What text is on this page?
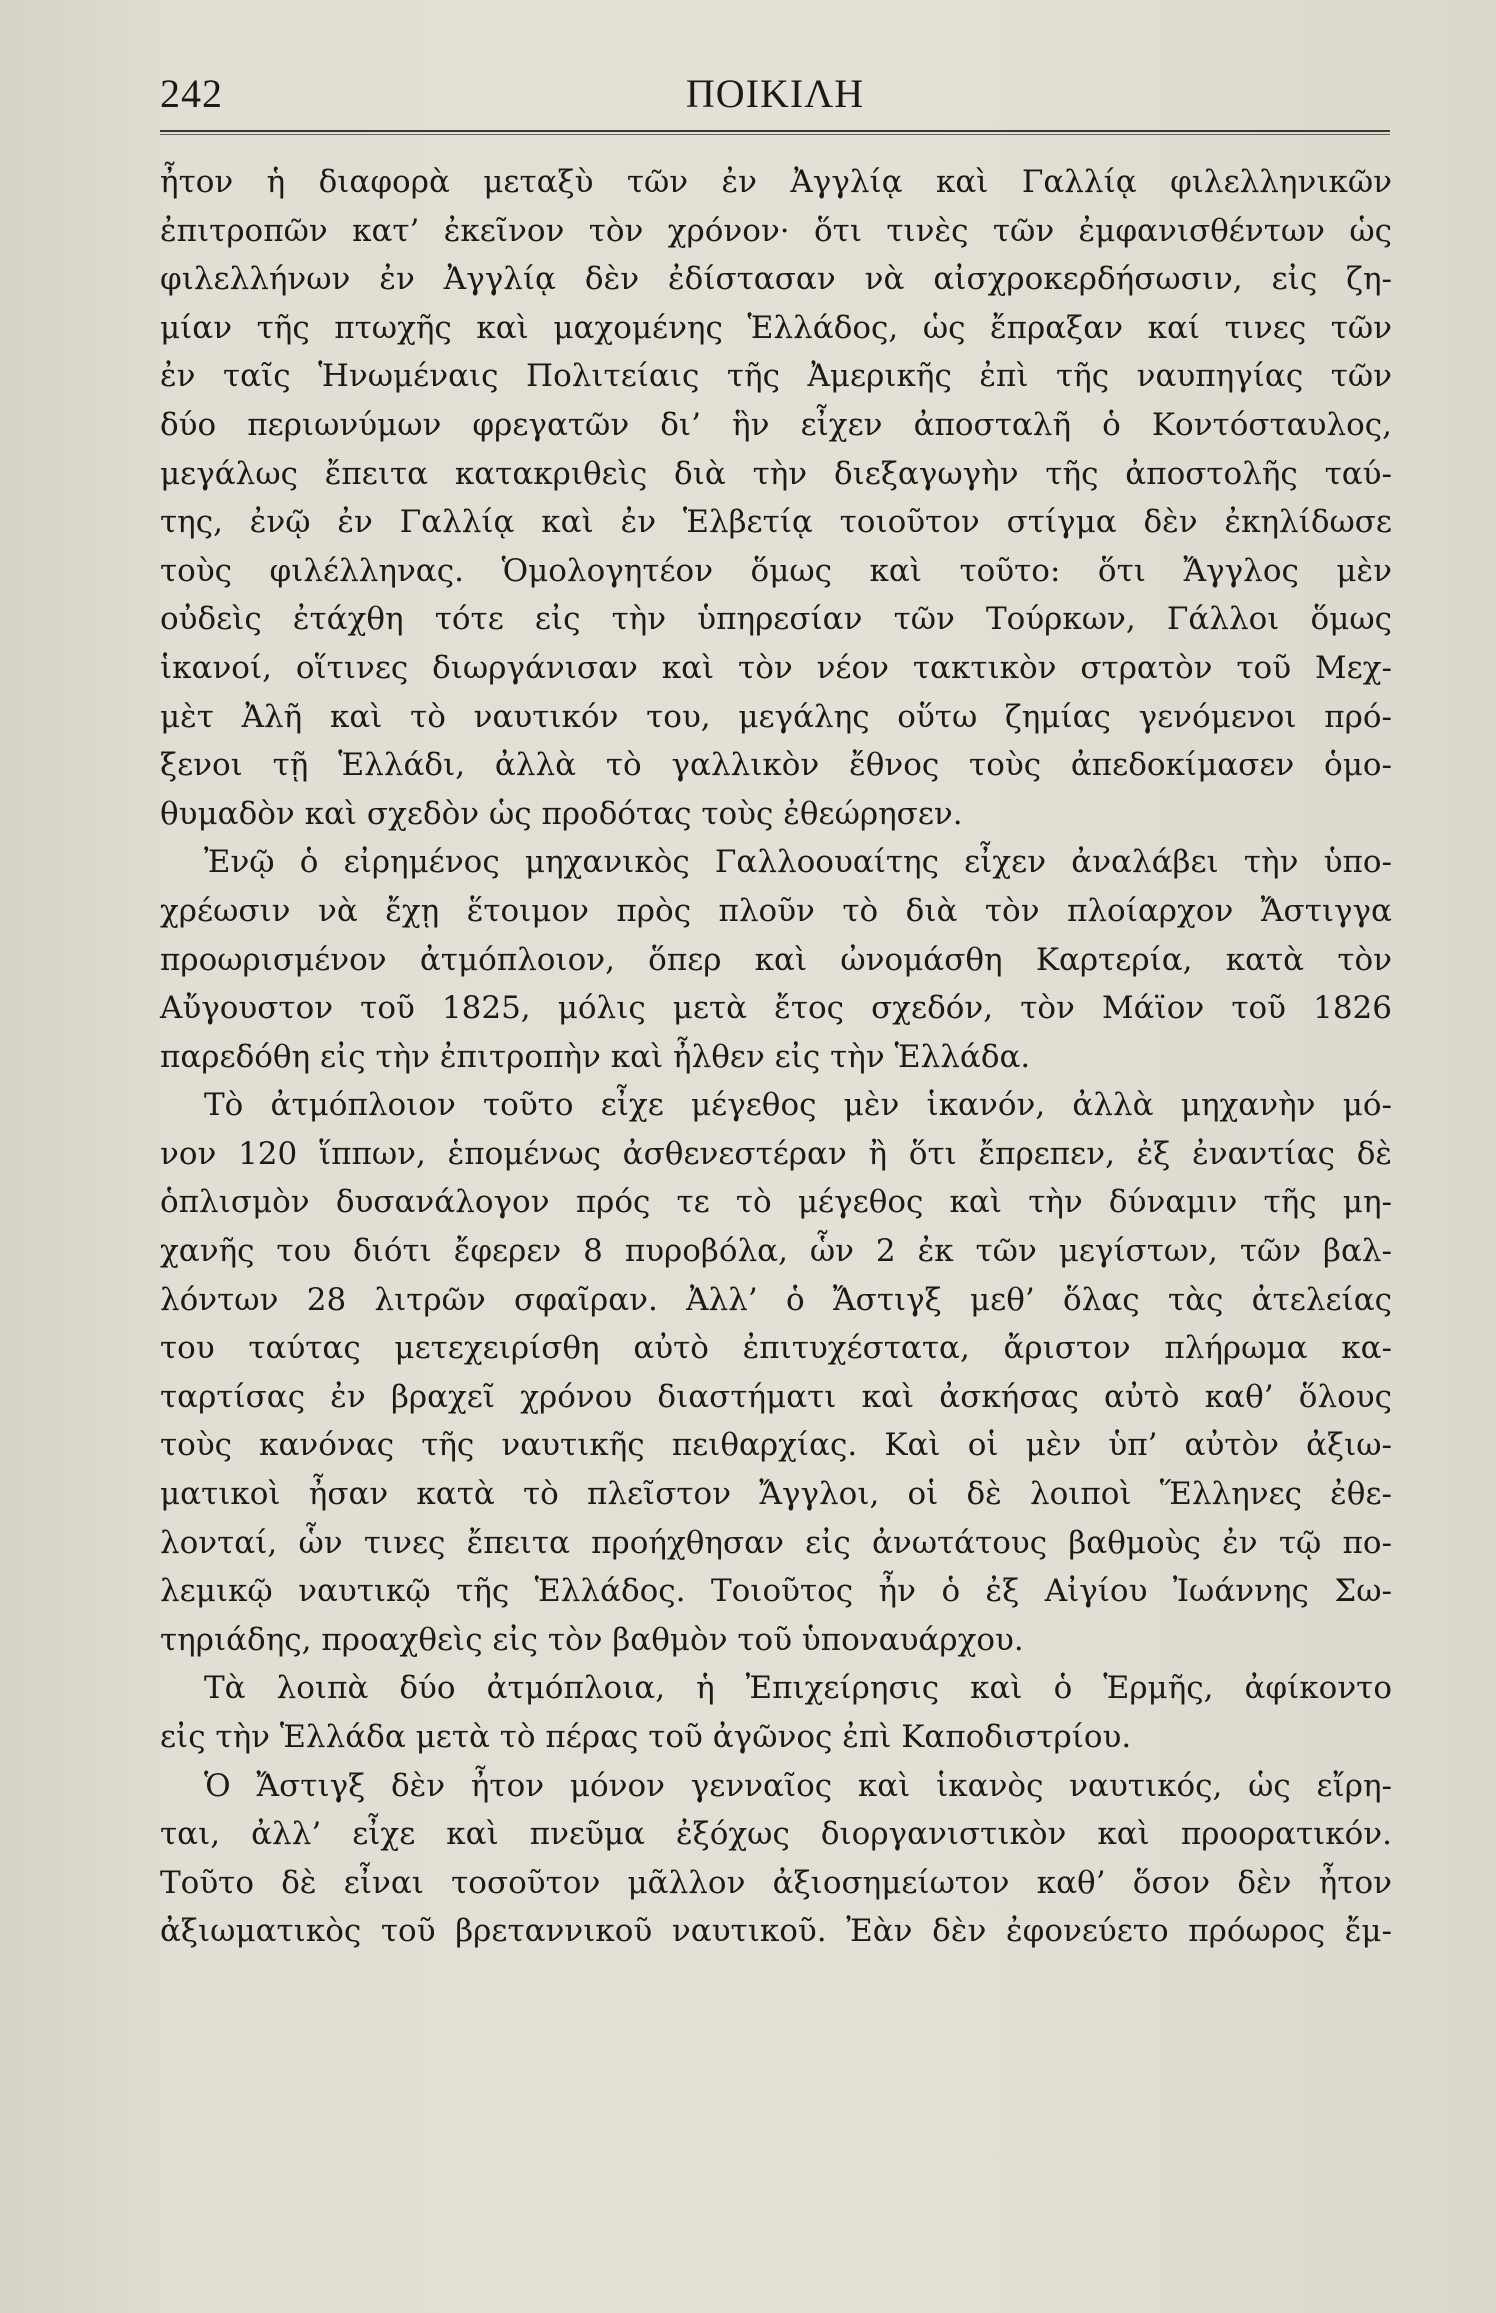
242	ΠΟΙΚΙΛΗ
ἦτον ἡ διαφορὰ μεταξὺ τῶν ἐν Ἀγγλίᾳ καὶ Γαλλίᾳ φιλελληνικῶν
ἐπιτροπῶν κατ’ ἐκεῖνον τὸν χρόνον· ὅτι τινὲς τῶν ἐμφανισθέντων ὡς
φιλελλήνων ἐν Ἀγγλίᾳ δὲν ἐδίστασαν νὰ αἰσχροκερδήσωσιν, εἰς ζη-
μίαν τῆς πτωχῆς καὶ μαχομένης Ἑλλάδος, ὡς ἔπραξαν καί τινες τῶν
ἐν ταῖς Ἡνωμέναις Πολιτείαις τῆς Ἀμερικῆς ἐπὶ τῆς ναυπηγίας τῶν
δύο περιωνύμων φρεγατῶν δι’ ἣν εἶχεν ἀποσταλῆ ὁ Κοντόσταυλος,
μεγάλως ἔπειτα κατακριθεὶς διὰ τὴν διεξαγωγὴν τῆς ἀποστολῆς ταύ-
της, ἐνῷ ἐν Γαλλίᾳ καὶ ἐν Ἑλβετίᾳ τοιοῦτον στίγμα δὲν ἐκηλίδωσε
τοὺς φιλέλληνας. Ὁμολογητέον ὅμως καὶ τοῦτο: ὅτι Ἄγγλος μὲν
οὐδεὶς ἐτάχθη τότε εἰς τὴν ὑπηρεσίαν τῶν Τούρκων, Γάλλοι ὅμως
ἱκανοί, οἵτινες διωργάνισαν καὶ τὸν νέον τακτικὸν στρατὸν τοῦ Μεχ-
μὲτ Ἀλῆ καὶ τὸ ναυτικόν του, μεγάλης οὕτω ζημίας γενόμενοι πρό-
ξενοι τῇ Ἑλλάδι, ἀλλὰ τὸ γαλλικὸν ἔθνος τοὺς ἀπεδοκίμασεν ὁμο-
θυμαδὸν καὶ σχεδὸν ὡς προδότας τοὺς ἐθεώρησεν.
Ἐνῷ ὁ εἰρημένος μηχανικὸς Γαλλοουαίτης εἶχεν ἀναλάβει τὴν ὑπο-
χρέωσιν νὰ ἔχῃ ἕτοιμον πρὸς πλοῦν τὸ διὰ τὸν πλοίαρχον Ἄστιγγα
προωρισμένον ἀτμόπλοιον, ὅπερ καὶ ὠνομάσθη Καρτερία, κατὰ τὸν
Αὔγουστον τοῦ 1825, μόλις μετὰ ἔτος σχεδόν, τὸν Μάϊον τοῦ 1826
παρεδόθη εἰς τὴν ἐπιτροπὴν καὶ ἦλθεν εἰς τὴν Ἑλλάδα.
Τὸ ἀτμόπλοιον τοῦτο εἶχε μέγεθος μὲν ἱκανόν, ἀλλὰ μηχανὴν μό-
νον 120 ἵππων, ἑπομένως ἀσθενεστέραν ἢ ὅτι ἔπρεπεν, ἐξ ἐναντίας δὲ
ὁπλισμὸν δυσανάλογον πρός τε τὸ μέγεθος καὶ τὴν δύναμιν τῆς μη-
χανῆς του διότι ἔφερεν 8 πυροβόλα, ὧν 2 ἐκ τῶν μεγίστων, τῶν βαλ-
λόντων 28 λιτρῶν σφαῖραν. Ἀλλ’ ὁ Ἄστιγξ μεθ’ ὅλας τὰς ἀτελείας
του ταύτας μετεχειρίσθη αὐτὸ ἐπιτυχέστατα, ἄριστον πλήρωμα κα-
ταρτίσας ἐν βραχεῖ χρόνου διαστήματι καὶ ἀσκήσας αὐτὸ καθ’ ὅλους
τοὺς κανόνας τῆς ναυτικῆς πειθαρχίας. Καὶ οἱ μὲν ὑπ’ αὐτὸν ἀξιω-
ματικοὶ ἦσαν κατὰ τὸ πλεῖστον Ἄγγλοι, οἱ δὲ λοιποὶ Ἕλληνες ἐθε-
λονταί, ὧν τινες ἔπειτα προήχθησαν εἰς ἀνωτάτους βαθμοὺς ἐν τῷ πο-
λεμικῷ ναυτικῷ τῆς Ἑλλάδος. Τοιοῦτος ἦν ὁ ἐξ Αἰγίου Ἰωάννης Σω-
τηριάδης, προαχθεὶς εἰς τὸν βαθμὸν τοῦ ὑποναυάρχου.
Τὰ λοιπὰ δύο ἀτμόπλοια, ἡ Ἐπιχείρησις καὶ ὁ Ἑρμῆς, ἀφίκοντο
εἰς τὴν Ἑλλάδα μετὰ τὸ πέρας τοῦ ἀγῶνος ἐπὶ Καποδιστρίου.
Ὁ Ἄστιγξ δὲν ἦτον μόνον γενναῖος καὶ ἱκανὸς ναυτικός, ὡς εἴρη-
ται, ἀλλ’ εἶχε καὶ πνεῦμα ἐξόχως διοργανιστικὸν καὶ προορατικόν.
Τοῦτο δὲ εἶναι τοσοῦτον μᾶλλον ἀξιοσημείωτον καθ’ ὅσον δὲν ἦτον
ἀξιωματικὸς τοῦ βρεταννικοῦ ναυτικοῦ. Ἐὰν δὲν ἐφονεύετο πρόωρος ἔμ-
